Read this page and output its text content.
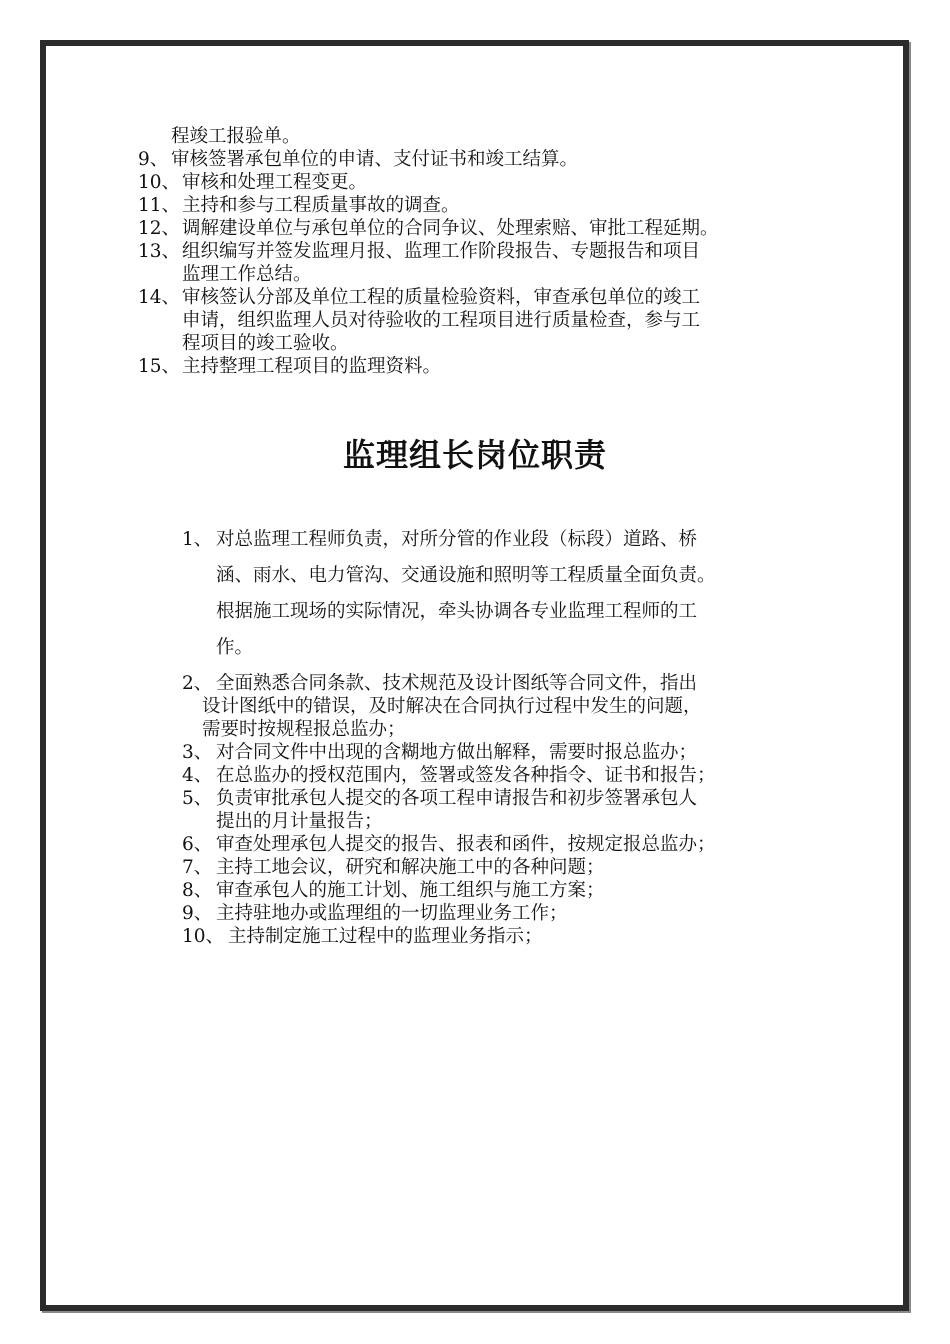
程竣工报验单。
9、 审核签署承包单位的申请、支付证书和竣工结算。
10、 审核和处理工程变更。
11、 主持和参与工程质量事故的调查。
12、 调解建设单位与承包单位的合同争议、处理索赔、审批工程延期。
13、 组织编写并签发监理月报、监理工作阶段报告、专题报告和项目
监理工作总结。
14、 审核签认分部及单位工程的质量检验资料，审查承包单位的竣工
申请，组织监理人员对待验收的工程项目进行质量检查，参与工
程项目的竣工验收。
15、 主持整理工程项目的监理资料。
监理组长岗位职责
1、 对总监理工程师负责，对所分管的作业段（标段）道路、桥
涵、雨水、电力管沟、交通设施和照明等工程质量全面负责。
根据施工现场的实际情况，牵头协调各专业监理工程师的工
作。
2、 全面熟悉合同条款、技术规范及设计图纸等合同文件，指出
设计图纸中的错误，及时解决在合同执行过程中发生的问题，
需要时按规程报总监办；
3、 对合同文件中出现的含糊地方做出解释，需要时报总监办；
4、 在总监办的授权范围内，签署或签发各种指令、证书和报告；
5、 负责审批承包人提交的各项工程申请报告和初步签署承包人
提出的月计量报告；
6、 审查处理承包人提交的报告、报表和函件，按规定报总监办；
7、 主持工地会议，研究和解决施工中的各种问题；
8、 审查承包人的施工计划、施工组织与施工方案；
9、 主持驻地办或监理组的一切监理业务工作；
10、 主持制定施工过程中的监理业务指示；
